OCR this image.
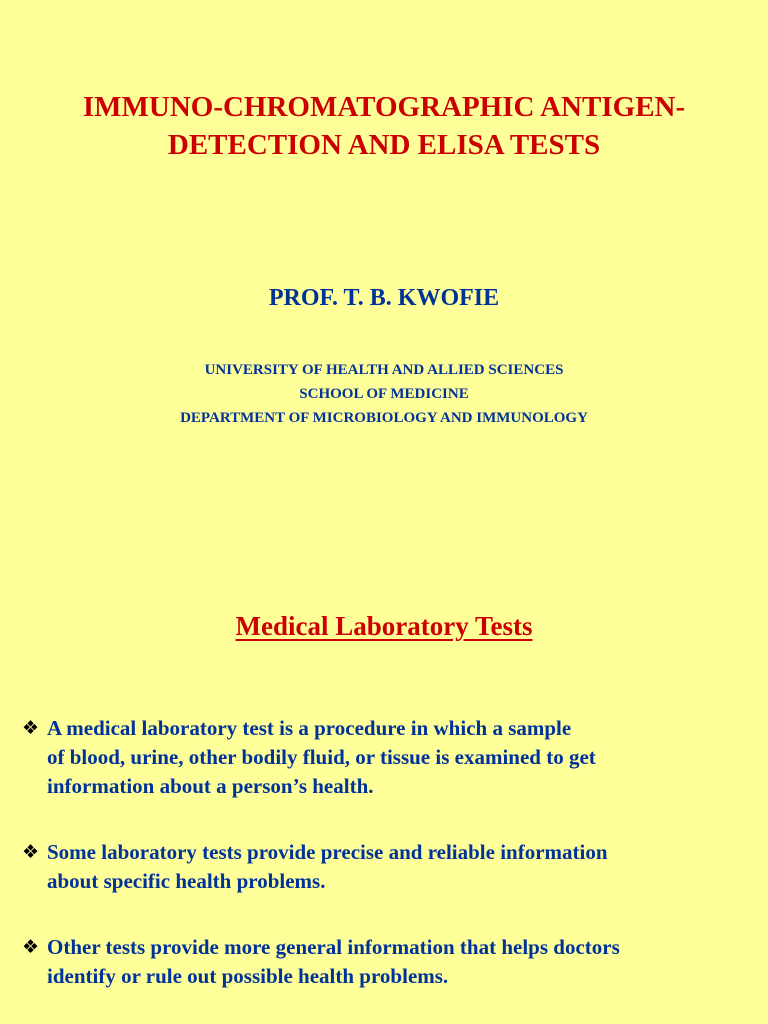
IMMUNO-CHROMATOGRAPHIC ANTIGEN-
DETECTION AND ELISA TESTS
PROF. T. B. KWOFIE
UNIVERSITY OF HEALTH AND ALLIED SCIENCES
SCHOOL OF MEDICINE
DEPARTMENT OF MICROBIOLOGY AND IMMUNOLOGY
Medical Laboratory Tests
❖ A medical laboratory test is a procedure in which a sample
of blood, urine, other bodily fluid, or tissue is examined to get
information about a person’s health.
❖ Some laboratory tests provide precise and reliable information
about specific health problems.
❖ Other tests provide more general information that helps doctors
identify or rule out possible health problems.
